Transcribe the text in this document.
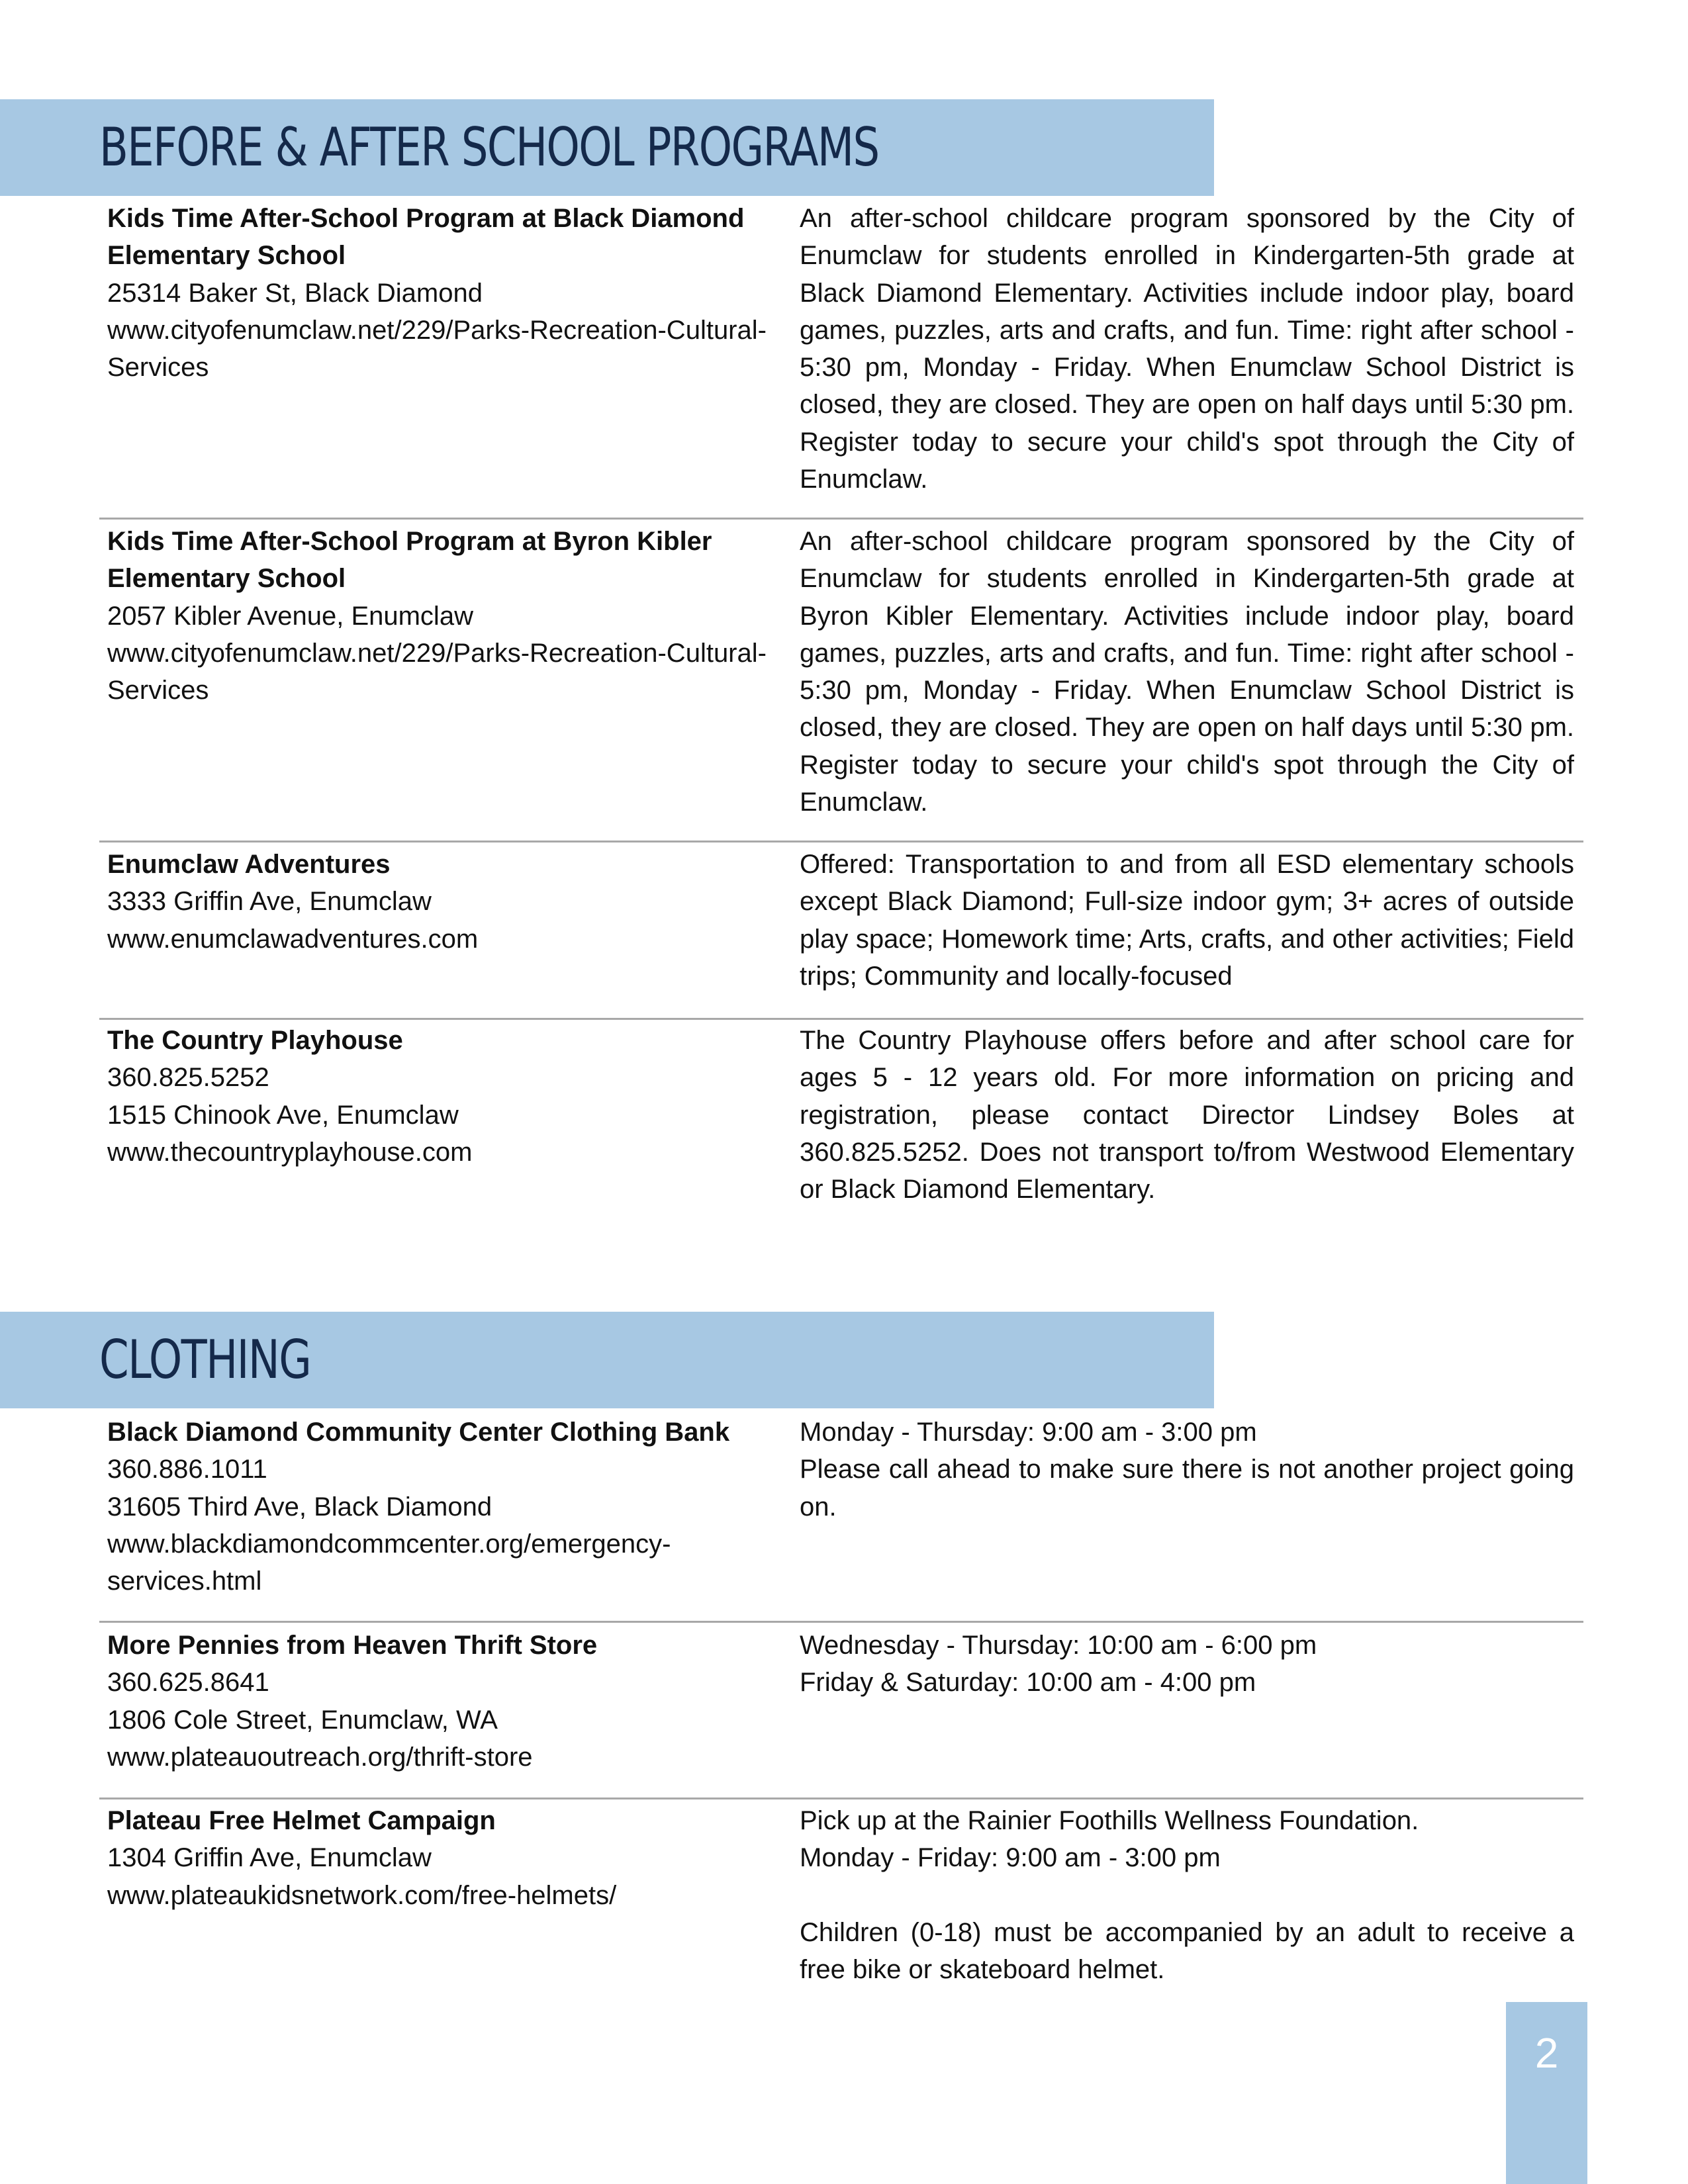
BEFORE & AFTER SCHOOL PROGRAMS
Kids Time After-School Program at Black Diamond Elementary School
25314 Baker St, Black Diamond
www.cityofenumclaw.net/229/Parks-Recreation-Cultural-Services
An after-school childcare program sponsored by the City of Enumclaw for students enrolled in Kindergarten-5th grade at Black Diamond Elementary. Activities include indoor play, board games, puzzles, arts and crafts, and fun. Time: right after school - 5:30 pm, Monday - Friday. When Enumclaw School District is closed, they are closed. They are open on half days until 5:30 pm. Register today to secure your child's spot through the City of Enumclaw.
Kids Time After-School Program at Byron Kibler Elementary School
2057 Kibler Avenue, Enumclaw
www.cityofenumclaw.net/229/Parks-Recreation-Cultural-Services
An after-school childcare program sponsored by the City of Enumclaw for students enrolled in Kindergarten-5th grade at Byron Kibler Elementary. Activities include indoor play, board games, puzzles, arts and crafts, and fun. Time: right after school - 5:30 pm, Monday - Friday. When Enumclaw School District is closed, they are closed. They are open on half days until 5:30 pm. Register today to secure your child's spot through the City of Enumclaw.
Enumclaw Adventures
3333 Griffin Ave, Enumclaw
www.enumclawadventures.com
Offered: Transportation to and from all ESD elementary schools except Black Diamond; Full-size indoor gym; 3+ acres of outside play space; Homework time; Arts, crafts, and other activities; Field trips; Community and locally-focused
The Country Playhouse
360.825.5252
1515 Chinook Ave, Enumclaw
www.thecountryplayhouse.com
The Country Playhouse offers before and after school care for ages 5 - 12 years old. For more information on pricing and registration, please contact Director Lindsey Boles at 360.825.5252. Does not transport to/from Westwood Elementary or Black Diamond Elementary.
CLOTHING
Black Diamond Community Center Clothing Bank
360.886.1011
31605 Third Ave, Black Diamond
www.blackdiamondcommcenter.org/emergency-services.html
Monday - Thursday: 9:00 am - 3:00 pm
Please call ahead to make sure there is not another project going on.
More Pennies from Heaven Thrift Store
360.625.8641
1806 Cole Street, Enumclaw, WA
www.plateauoutreach.org/thrift-store
Wednesday - Thursday: 10:00 am - 6:00 pm
Friday & Saturday: 10:00 am - 4:00 pm
Plateau Free Helmet Campaign
1304 Griffin Ave, Enumclaw
www.plateaukidsnetwork.com/free-helmets/
Pick up at the Rainier Foothills Wellness Foundation.
Monday - Friday: 9:00 am - 3:00 pm
Children (0-18) must be accompanied by an adult to receive a free bike or skateboard helmet.
2
